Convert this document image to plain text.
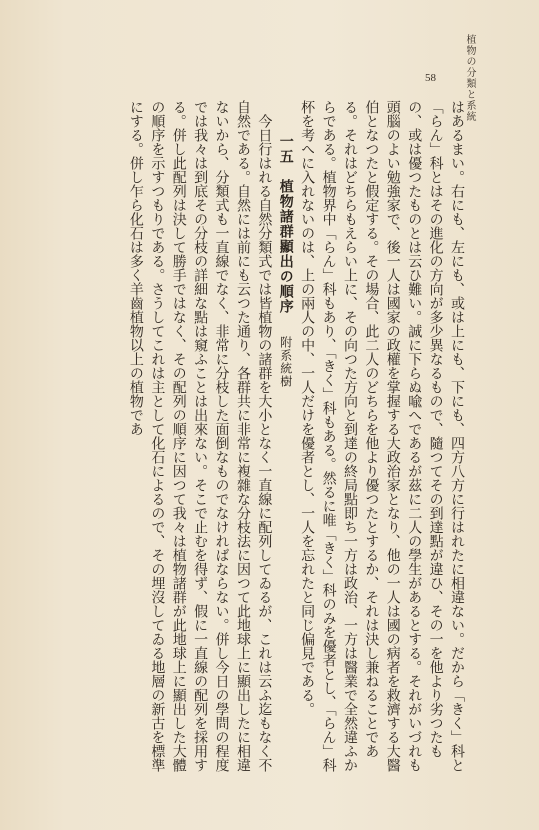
植物の分類と系統
58

はあるまい。右にも、左にも、或は上にも、下にも、四方八方に行はれたに相違ない。だから「きく」科と「らん」科とはその進化の方向が多少異なるもので、隨つてその到達點が違ひ、その一を他より劣つたもの、或は優つたものとは云ひ難い。誠に下らぬ喩へであるが茲に二人の學生があるとする。それがいづれも頭腦のよい勉強家で、後一人は國家の政權を掌握する大政治家となり、他の一人は國の病者を救濟する大醫伯となつたと假定する。その場合、此二人のどちらを他より優つたとするか、それは決し兼ねることである。それはどちらもえらい上に、その向つた方向と到達の終局點即ち一方は政治、一方は醫業で全然違ふからである。植物界中「らん」科もあり、「きく」科もある。然るに唯「きく」科のみを優者とし、「らん」科杯を考へに入れないのは、上の兩人の中、一人だけを優者とし、一人を忘れたと同じ偏見である。

一五　植物諸群顯出の順序　附系統樹

今日行はれる自然分類式では皆植物の諸群を大小となく一直線に配列してゐるが、これは云ふ迄もなく不自然である。自然には前にも云つた通り、各群共に非常に複雜な分枝法に因つて此地球上に顯出したに相違ないから、分類式も一直線でなく、非常に分枝した面倒なものでなければならない。併し今日の學問の程度では我々は到底その分枝の詳細な點は窺ふことは出來ない。そこで止むを得ず、假に一直線の配列を採用する。併し此配列は決して勝手ではなく、その配列の順序に因つて我々は植物諸群が此地球上に顯出した大體の順序を示すつもりである。さうしてこれは主として化石によるので、その埋沒してゐる地層の新古を標準にする。併し乍ら化石は多く羊齒植物以上の植物であ
